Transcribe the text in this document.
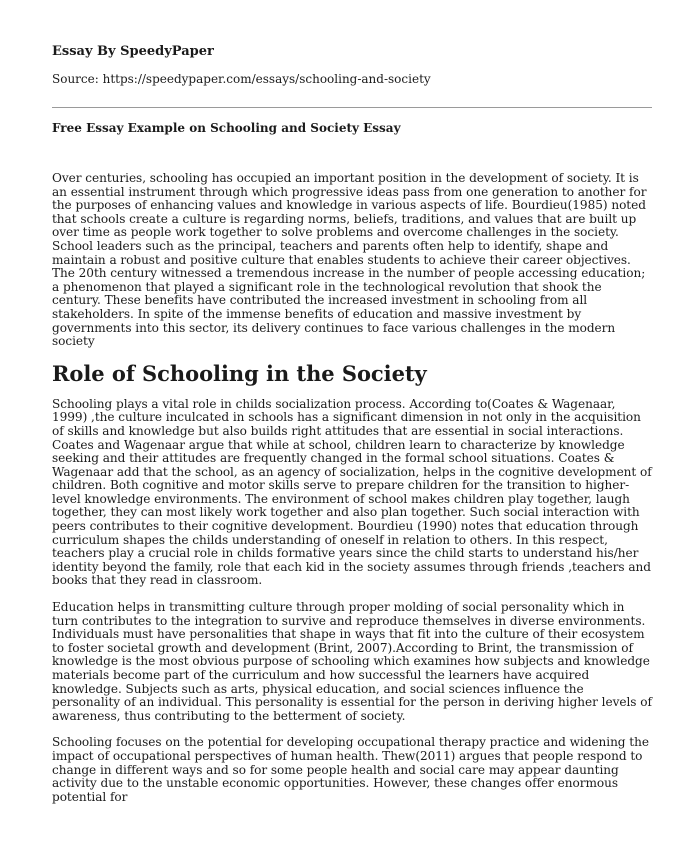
Essay By SpeedyPaper

Source: https://speedypaper.com/essays/schooling-and-society

Free Essay Example on Schooling and Society Essay

Over centuries, schooling has occupied an important position in the development of society. It is an essential instrument through which progressive ideas pass from one generation to another for the purposes of enhancing values and knowledge in various aspects of life. Bourdieu(1985) noted that schools create a culture is regarding norms, beliefs, traditions, and values that are built up over time as people work together to solve problems and overcome challenges in the society. School leaders such as the principal, teachers and parents often help to identify, shape and maintain a robust and positive culture that enables students to achieve their career objectives. The 20th century witnessed a tremendous increase in the number of people accessing education; a phenomenon that played a significant role in the technological revolution that shook the century. These benefits have contributed the increased investment in schooling from all stakeholders. In spite of the immense benefits of education and massive investment by governments into this sector, its delivery continues to face various challenges in the modern society

Role of Schooling in the Society

Schooling plays a vital role in childs socialization process. According to(Coates & Wagenaar, 1999) ,the culture inculcated in schools has a significant dimension in not only in the acquisition of skills and knowledge but also builds right attitudes that are essential in social interactions. Coates and Wagenaar argue that while at school, children learn to characterize by knowledge seeking and their attitudes are frequently changed in the formal school situations. Coates & Wagenaar add that the school, as an agency of socialization, helps in the cognitive development of children. Both cognitive and motor skills serve to prepare children for the transition to higher-level knowledge environments. The environment of school makes children play together, laugh together, they can most likely work together and also plan together. Such social interaction with peers contributes to their cognitive development. Bourdieu (1990) notes that education through curriculum shapes the childs understanding of oneself in relation to others. In this respect, teachers play a crucial role in childs formative years since the child starts to understand his/her identity beyond the family, role that each kid in the society assumes through friends ,teachers and books that they read in classroom.

Education helps in transmitting culture through proper molding of social personality which in turn contributes to the integration to survive and reproduce themselves in diverse environments. Individuals must have personalities that shape in ways that fit into the culture of their ecosystem to foster societal growth and development (Brint, 2007).According to Brint, the transmission of knowledge is the most obvious purpose of schooling which examines how subjects and knowledge materials become part of the curriculum and how successful the learners have acquired knowledge. Subjects such as arts, physical education, and social sciences influence the personality of an individual. This personality is essential for the person in deriving higher levels of awareness, thus contributing to the betterment of society.

Schooling focuses on the potential for developing occupational therapy practice and widening the impact of occupational perspectives of human health. Thew(2011) argues that people respond to change in different ways and so for some people health and social care may appear daunting activity due to the unstable economic opportunities. However, these changes offer enormous potential for
